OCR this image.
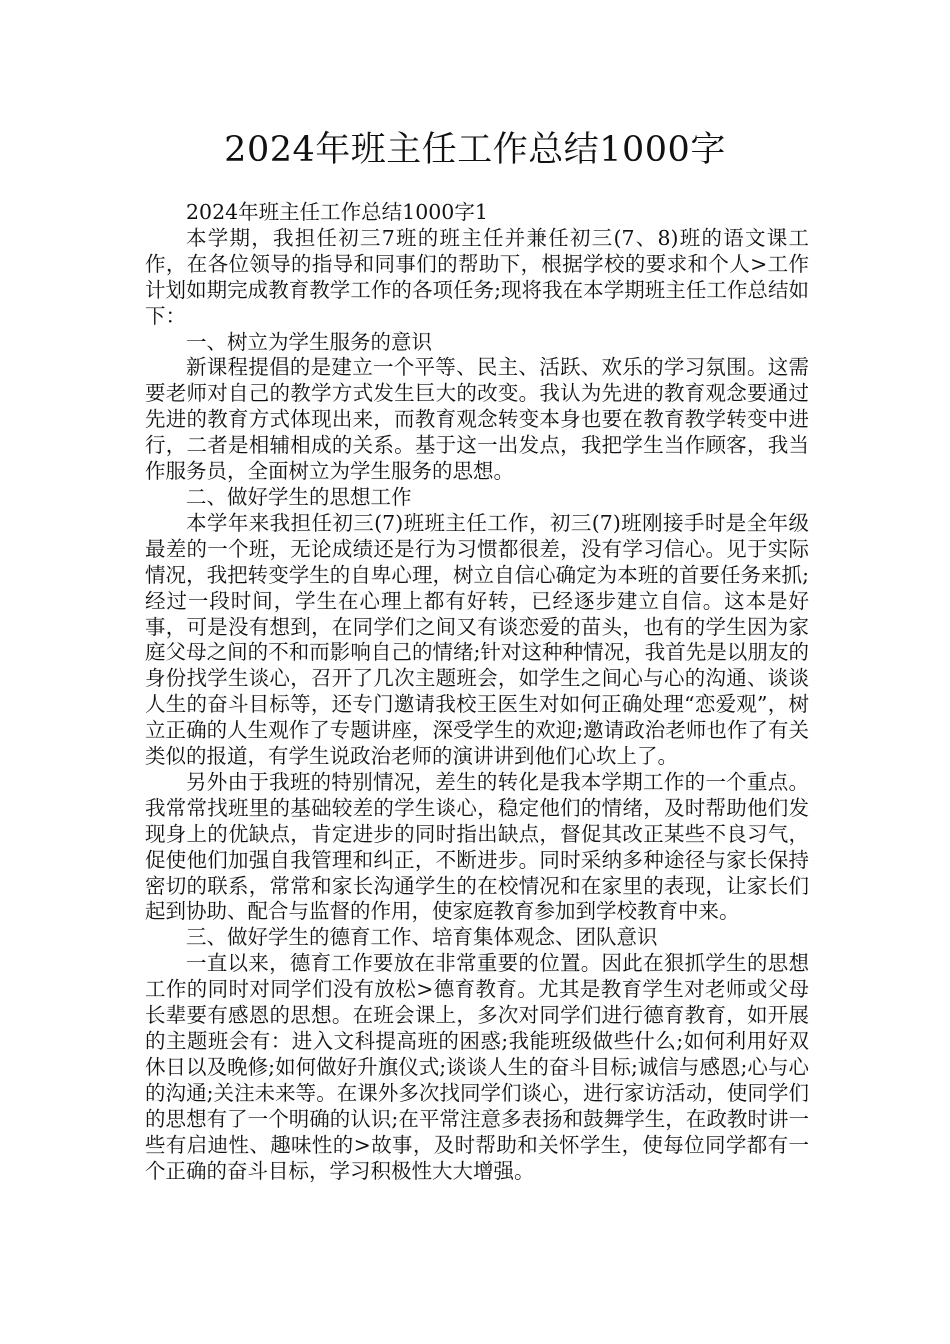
2024年班主任工作总结1000字

2024年班主任工作总结1000字1

本学期，我担任初三7班的班主任并兼任初三(7、8)班的语文课工作，在各位领导的指导和同事们的帮助下，根据学校的要求和个人>工作计划如期完成教育教学工作的各项任务;现将我在本学期班主任工作总结如下：

一、树立为学生服务的意识

新课程提倡的是建立一个平等、民主、活跃、欢乐的学习氛围。这需要老师对自己的教学方式发生巨大的改变。我认为先进的教育观念要通过先进的教育方式体现出来，而教育观念转变本身也要在教育教学转变中进行，二者是相辅相成的关系。基于这一出发点，我把学生当作顾客，我当作服务员，全面树立为学生服务的思想。

二、做好学生的思想工作

本学年来我担任初三(7)班班主任工作，初三(7)班刚接手时是全年级最差的一个班，无论成绩还是行为习惯都很差，没有学习信心。见于实际情况，我把转变学生的自卑心理，树立自信心确定为本班的首要任务来抓;经过一段时间，学生在心理上都有好转，已经逐步建立自信。这本是好事，可是没有想到，在同学们之间又有谈恋爱的苗头，也有的学生因为家庭父母之间的不和而影响自己的情绪;针对这种种情况，我首先是以朋友的身份找学生谈心，召开了几次主题班会，如学生之间心与心的沟通、谈谈人生的奋斗目标等，还专门邀请我校王医生对如何正确处理“恋爱观”，树立正确的人生观作了专题讲座，深受学生的欢迎;邀请政治老师也作了有关类似的报道，有学生说政治老师的演讲讲到他们心坎上了。

另外由于我班的特别情况，差生的转化是我本学期工作的一个重点。我常常找班里的基础较差的学生谈心，稳定他们的情绪，及时帮助他们发现身上的优缺点，肯定进步的同时指出缺点，督促其改正某些不良习气，促使他们加强自我管理和纠正，不断进步。同时采纳多种途径与家长保持密切的联系，常常和家长沟通学生的在校情况和在家里的表现，让家长们起到协助、配合与监督的作用，使家庭教育参加到学校教育中来。

三、做好学生的德育工作、培育集体观念、团队意识

一直以来，德育工作要放在非常重要的位置。因此在狠抓学生的思想工作的同时对同学们没有放松>德育教育。尤其是教育学生对老师或父母长辈要有感恩的思想。在班会课上，多次对同学们进行德育教育，如开展的主题班会有：进入文科提高班的困惑;我能班级做些什么;如何利用好双休日以及晚修;如何做好升旗仪式;谈谈人生的奋斗目标;诚信与感恩;心与心的沟通;关注未来等。在课外多次找同学们谈心，进行家访活动，使同学们的思想有了一个明确的认识;在平常注意多表扬和鼓舞学生，在政教时讲一些有启迪性、趣味性的>故事，及时帮助和关怀学生，使每位同学都有一个正确的奋斗目标，学习积极性大大增强。
